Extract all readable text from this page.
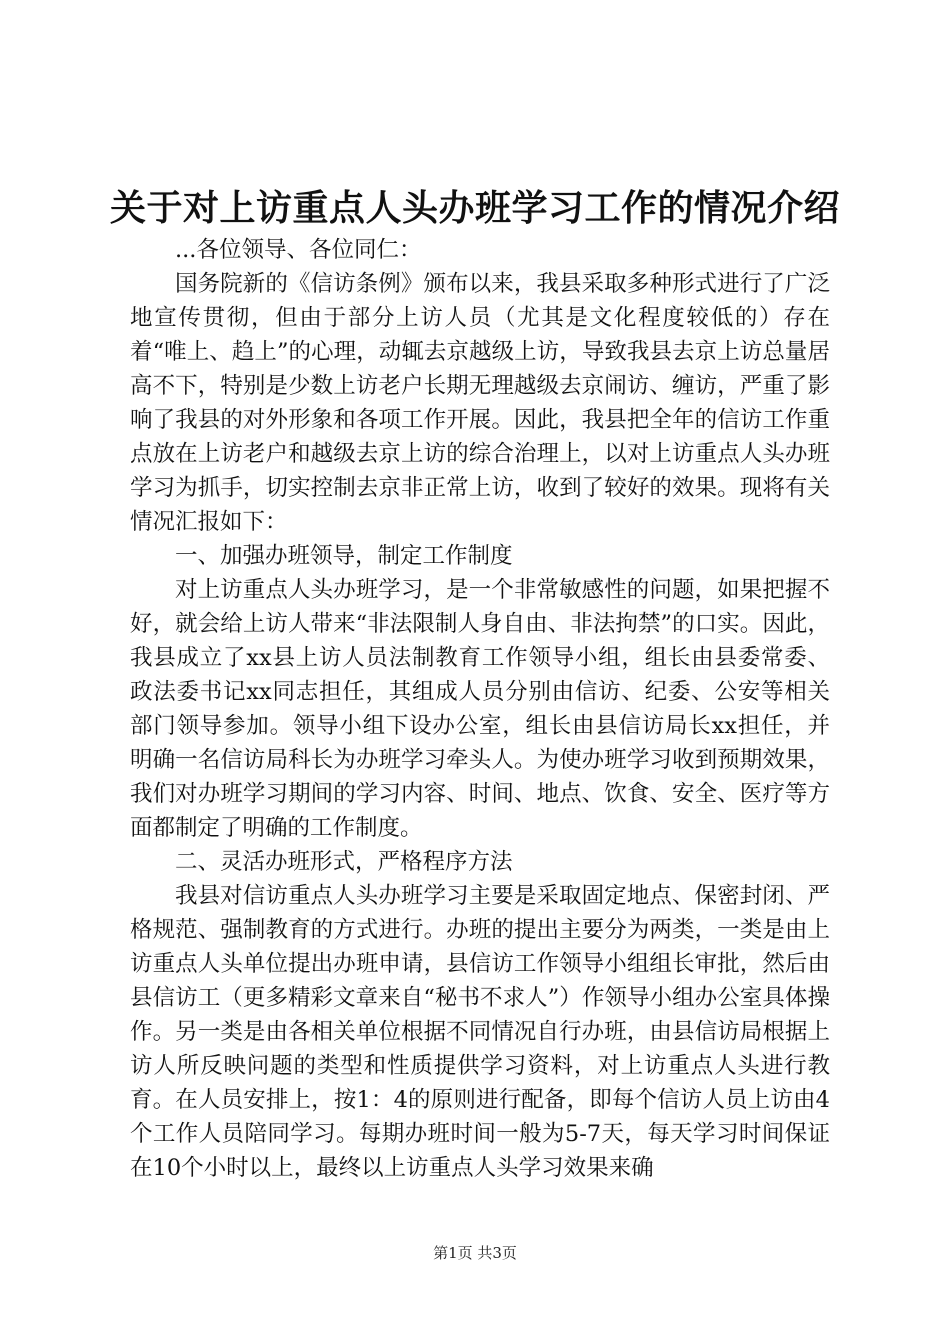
关于对上访重点人头办班学习工作的情况介绍

...各位领导、各位同仁：

国务院新的《信访条例》颁布以来，我县采取多种形式进行了广泛地宣传贯彻，但由于部分上访人员（尤其是文化程度较低的）存在着“唯上、趋上”的心理，动辄去京越级上访，导致我县去京上访总量居高不下，特别是少数上访老户长期无理越级去京闹访、缠访，严重了影响了我县的对外形象和各项工作开展。因此，我县把全年的信访工作重点放在上访老户和越级去京上访的综合治理上，以对上访重点人头办班学习为抓手，切实控制去京非正常上访，收到了较好的效果。现将有关情况汇报如下：

一、加强办班领导，制定工作制度

对上访重点人头办班学习，是一个非常敏感性的问题，如果把握不好，就会给上访人带来“非法限制人身自由、非法拘禁”的口实。因此，我县成立了xx县上访人员法制教育工作领导小组，组长由县委常委、政法委书记xx同志担任，其组成人员分别由信访、纪委、公安等相关部门领导参加。领导小组下设办公室，组长由县信访局长xx担任，并明确一名信访局科长为办班学习牵头人。为使办班学习收到预期效果，我们对办班学习期间的学习内容、时间、地点、饮食、安全、医疗等方面都制定了明确的工作制度。

二、灵活办班形式，严格程序方法

我县对信访重点人头办班学习主要是采取固定地点、保密封闭、严格规范、强制教育的方式进行。办班的提出主要分为两类，一类是由上访重点人头单位提出办班申请，县信访工作领导小组组长审批，然后由县信访工（更多精彩文章来自“秘书不求人”）作领导小组办公室具体操作。另一类是由各相关单位根据不同情况自行办班，由县信访局根据上访人所反映问题的类型和性质提供学习资料，对上访重点人头进行教育。在人员安排上，按1：4的原则进行配备，即每个信访人员上访由4个工作人员陪同学习。每期办班时间一般为5-7天，每天学习时间保证在10个小时以上，最终以上访重点人头学习效果来确

第1页 共3页
